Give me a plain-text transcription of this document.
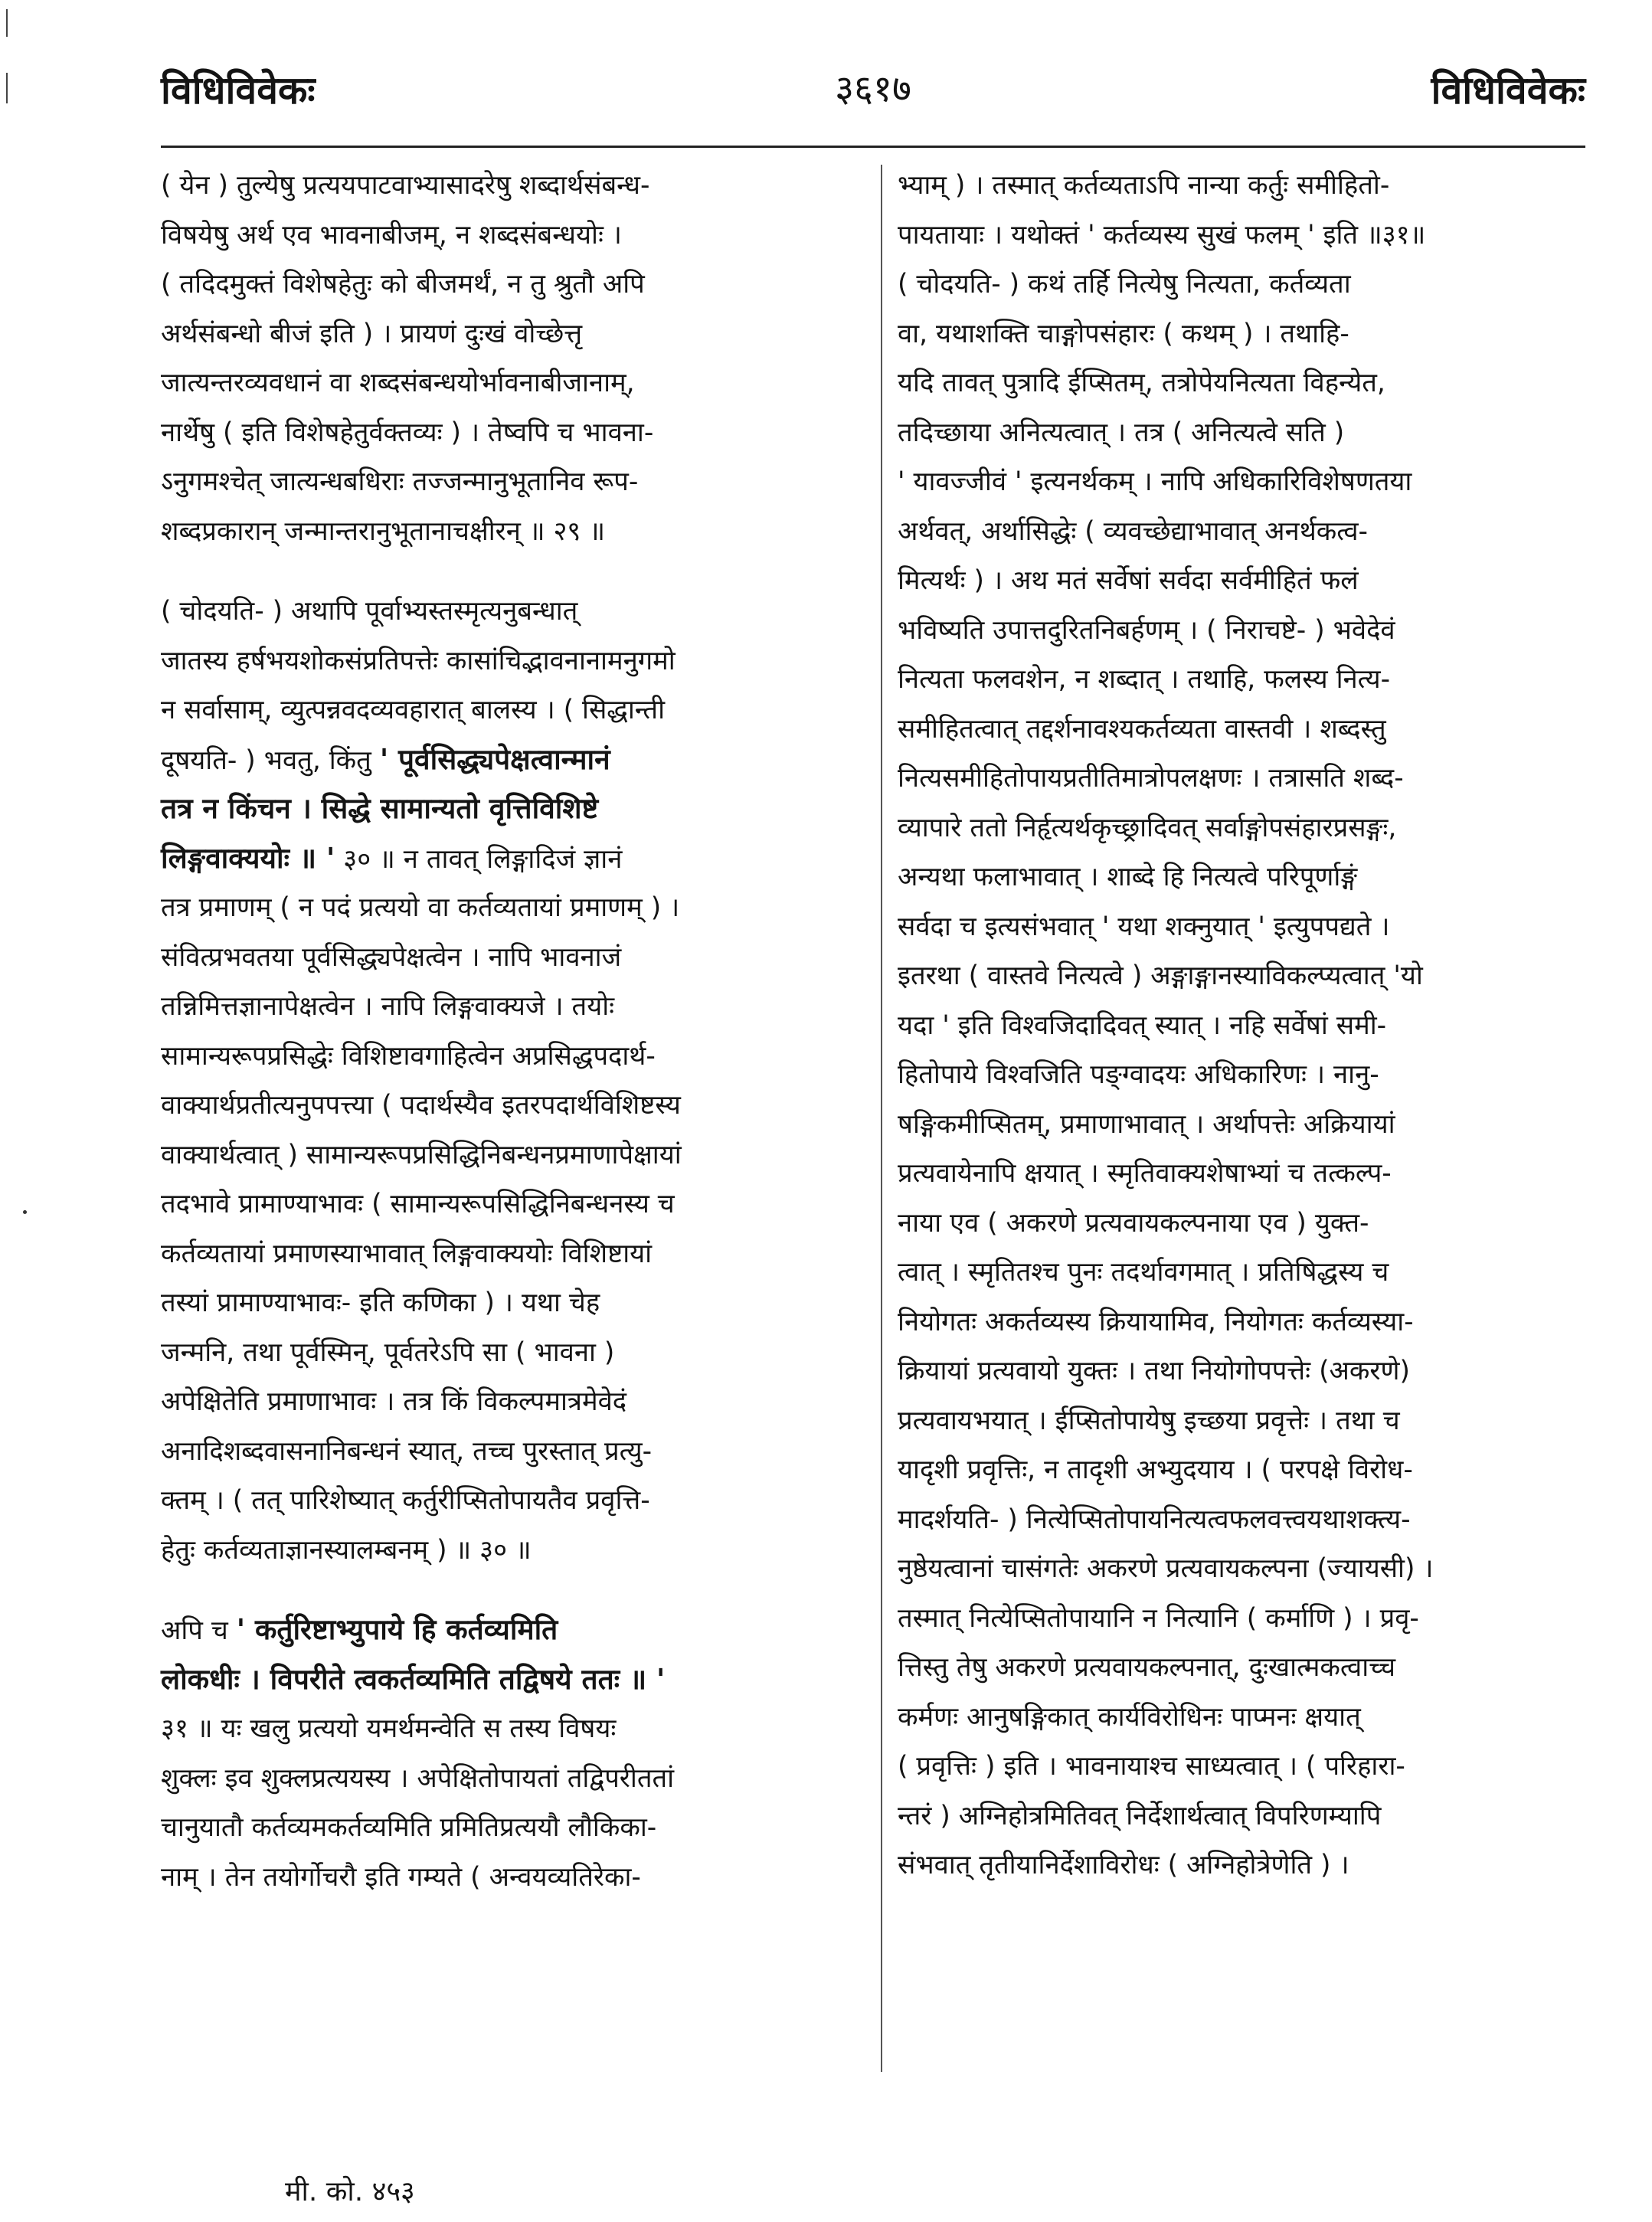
विधिविवेकः	३६१७	विधिविवेकः
( येन ) तुल्येषु प्रत्ययपाटवाभ्यासादरेषु शब्दार्थसंबन्ध-
विषयेषु अर्थ एव भावनाबीजम्, न शब्दसंबन्धयोः ।
( तदिदमुक्तं विशेषहेतुः को बीजमर्थं, न तु श्रुतौ अपि
अर्थसंबन्धो बीजं इति ) । प्रायणं दुःखं वोच्छेत्तृ
जात्यन्तरव्यवधानं वा शब्दसंबन्धयोर्भावनाबीजानाम्,
नार्थेषु ( इति विशेषहेतुर्वक्तव्यः ) । तेष्वपि च भावना-
ऽनुगमश्चेत् जात्यन्धबधिराः तज्जन्मानुभूतानिव रूप-
शब्दप्रकारान् जन्मान्तरानुभूतानाचक्षीरन् ॥ २९ ॥
( चोदयति- ) अथापि पूर्वाभ्यस्तस्मृत्यनुबन्धात्
जातस्य हर्षभयशोकसंप्रतिपत्तेः कासांचिद्भावनानामनुगमो
न सर्वासाम्, व्युत्पन्नवदव्यवहारात् बालस्य । ( सिद्धान्ती
दूषयति- ) भवतु, किंतु ' पूर्वसिद्ध्यपेक्षत्वान्मानं
तत्र न किंचन । सिद्धे सामान्यतो वृत्तिविशिष्टे
लिङ्गवाक्ययोः ॥ ' ३० ॥ न तावत् लिङ्गादिजं ज्ञानं
तत्र प्रमाणम् ( न पदं प्रत्ययो वा कर्तव्यतायां प्रमाणम् ) ।
संवित्प्रभवतया पूर्वसिद्ध्यपेक्षत्वेन । नापि भावनाजं
तन्निमित्तज्ञानापेक्षत्वेन । नापि लिङ्गवाक्यजे । तयोः
सामान्यरूपप्रसिद्धेः विशिष्टावगाहित्वेन अप्रसिद्धपदार्थ-
वाक्यार्थप्रतीत्यनुपपत्त्या ( पदार्थस्यैव इतरपदार्थविशिष्टस्य
वाक्यार्थत्वात् ) सामान्यरूपप्रसिद्धिनिबन्धनप्रमाणापेक्षायां
तदभावे प्रामाण्याभावः ( सामान्यरूपसिद्धिनिबन्धनस्य च
कर्तव्यतायां प्रमाणस्याभावात् लिङ्गवाक्ययोः विशिष्टायां
तस्यां प्रामाण्याभावः- इति कणिका ) । यथा चेह
जन्मनि, तथा पूर्वस्मिन्, पूर्वतरेऽपि सा ( भावना )
अपेक्षितेति प्रमाणाभावः । तत्र किं विकल्पमात्रमेवेदं
अनादिशब्दवासनानिबन्धनं स्यात्, तच्च पुरस्तात् प्रत्यु-
क्तम् । ( तत् पारिशेष्यात् कर्तुरीप्सितोपायतैव प्रवृत्ति-
हेतुः कर्तव्यताज्ञानस्यालम्बनम् ) ॥ ३० ॥
अपि च ' कर्तुरिष्टाभ्युपाये हि कर्तव्यमिति
लोकधीः । विपरीते त्वकर्तव्यमिति तद्विषये ततः ॥ '
३१ ॥ यः खलु प्रत्ययो यमर्थमन्वेति स तस्य विषयः
शुक्लः इव शुक्लप्रत्ययस्य । अपेक्षितोपायतां तद्विपरीततां
चानुयातौ कर्तव्यमकर्तव्यमिति प्रमितिप्रत्ययौ लौकिका-
नाम् । तेन तयोर्गोचरौ इति गम्यते ( अन्वयव्यतिरेका-
भ्याम् ) । तस्मात् कर्तव्यताऽपि नान्या कर्तुः समीहितो-
पायतायाः । यथोक्तं ' कर्तव्यस्य सुखं फलम् ' इति ॥३१॥
( चोदयति- ) कथं तर्हि नित्येषु नित्यता, कर्तव्यता
वा, यथाशक्ति चाङ्गोपसंहारः ( कथम् ) । तथाहि-
यदि तावत् पुत्रादि ईप्सितम्, तत्रोपेयनित्यता विहन्येत,
तदिच्छाया अनित्यत्वात् । तत्र ( अनित्यत्वे सति )
' यावज्जीवं ' इत्यनर्थकम् । नापि अधिकारिविशेषणतया
अर्थवत्, अर्थासिद्धेः ( व्यवच्छेद्याभावात् अनर्थकत्व-
मित्यर्थः ) । अथ मतं सर्वेषां सर्वदा सर्वमीहितं फलं
भविष्यति उपात्तदुरितनिबर्हणम् । ( निराचष्टे- ) भवेदेवं
नित्यता फलवशेन, न शब्दात् । तथाहि, फलस्य नित्य-
समीहितत्वात् तद्दर्शनावश्यकर्तव्यता वास्तवी । शब्दस्तु
नित्यसमीहितोपायप्रतीतिमात्रोपलक्षणः । तत्रासति शब्द-
व्यापारे ततो निर्हृत्यर्थकृच्छ्रादिवत् सर्वाङ्गोपसंहारप्रसङ्गः,
अन्यथा फलाभावात् । शाब्दे हि नित्यत्वे परिपूर्णाङ्गं
सर्वदा च इत्यसंभवात् ' यथा शक्नुयात् ' इत्युपपद्यते ।
इतरथा ( वास्तवे नित्यत्वे ) अङ्गाङ्गानस्याविकल्प्यत्वात् 'यो
यदा ' इति विश्वजिदादिवत् स्यात् । नहि सर्वेषां समी-
हितोपाये विश्वजिति पङ्ग्वादयः अधिकारिणः । नानु-
षङ्गिकमीप्सितम्, प्रमाणाभावात् । अर्थापत्तेः अक्रियायां
प्रत्यवायेनापि क्षयात् । स्मृतिवाक्यशेषाभ्यां च तत्कल्प-
नाया एव ( अकरणे प्रत्यवायकल्पनाया एव ) युक्त-
त्वात् । स्मृतितश्च पुनः तदर्थावगमात् । प्रतिषिद्धस्य च
नियोगतः अकर्तव्यस्य क्रियायामिव, नियोगतः कर्तव्यस्या-
क्रियायां प्रत्यवायो युक्तः । तथा नियोगोपपत्तेः (अकरणे)
प्रत्यवायभयात् । ईप्सितोपायेषु इच्छया प्रवृत्तेः । तथा च
यादृशी प्रवृत्तिः, न तादृशी अभ्युदयाय । ( परपक्षे विरोध-
मादर्शयति- ) नित्येप्सितोपायनित्यत्वफलवत्त्वयथाशक्त्य-
नुष्ठेयत्वानां चासंगतेः अकरणे प्रत्यवायकल्पना (ज्यायसी) ।
तस्मात् नित्येप्सितोपायानि न नित्यानि ( कर्माणि ) । प्रवृ-
त्तिस्तु तेषु अकरणे प्रत्यवायकल्पनात्, दुःखात्मकत्वाच्च
कर्मणः आनुषङ्गिकात् कार्यविरोधिनः पाप्मनः क्षयात्
( प्रवृत्तिः ) इति । भावनायाश्च साध्यत्वात् । ( परिहारा-
न्तरं ) अग्निहोत्रमितिवत् निर्देशार्थत्वात् विपरिणम्यापि
संभवात् तृतीयानिर्देशाविरोधः ( अग्निहोत्रेणेति ) ।
मी. को. ४५३
